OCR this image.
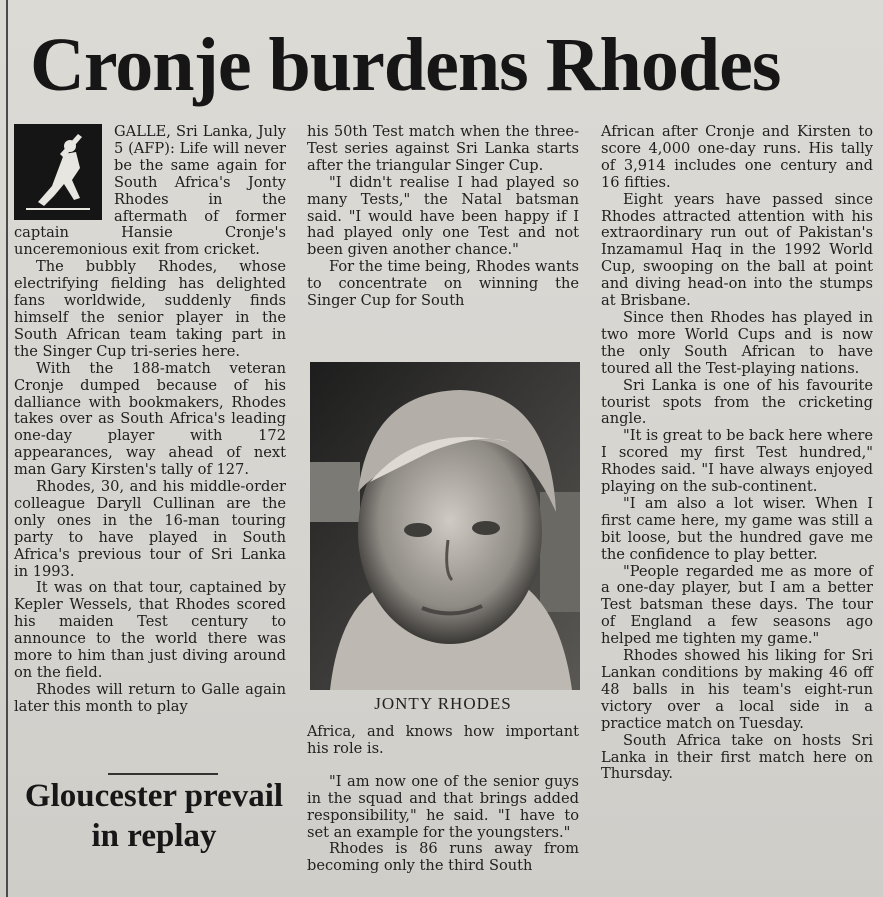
Cronje burdens Rhodes

GALLE, Sri Lanka, July 5 (AFP): Life will never be the same again for South Africa's Jonty Rhodes in the aftermath of former captain Hansie Cronje's unceremonious exit from cricket.

The bubbly Rhodes, whose electrifying fielding has delighted fans worldwide, suddenly finds himself the senior player in the South African team taking part in the Singer Cup tri-series here.

With the 188-match veteran Cronje dumped because of his dalliance with bookmakers, Rhodes takes over as South Africa's leading one-day player with 172 appearances, way ahead of next man Gary Kirsten's tally of 127.

Rhodes, 30, and his middle-order colleague Daryll Cullinan are the only ones in the 16-man touring party to have played in South Africa's previous tour of Sri Lanka in 1993.

It was on that tour, captained by Kepler Wessels, that Rhodes scored his maiden Test century to announce to the world there was more to him than just diving around on the field.

Rhodes will return to Galle again later this month to play

Gloucester prevail in replay

his 50th Test match when the three-Test series against Sri Lanka starts after the triangular Singer Cup.

"I didn't realise I had played so many Tests," the Natal batsman said. "I would have been happy if I had played only one Test and not been given another chance."

For the time being, Rhodes wants to concentrate on winning the Singer Cup for South

JONTY RHODES

Africa, and knows how important his role is.

"I am now one of the senior guys in the squad and that brings added responsibility," he said. "I have to set an example for the youngsters."

Rhodes is 86 runs away from becoming only the third South

African after Cronje and Kirsten to score 4,000 one-day runs. His tally of 3,914 includes one century and 16 fifties.

Eight years have passed since Rhodes attracted attention with his extraordinary run out of Pakistan's Inzamamul Haq in the 1992 World Cup, swooping on the ball at point and diving head-on into the stumps at Brisbane.

Since then Rhodes has played in two more World Cups and is now the only South African to have toured all the Test-playing nations.

Sri Lanka is one of his favourite tourist spots from the cricketing angle.

"It is great to be back here where I scored my first Test hundred," Rhodes said. "I have always enjoyed playing on the sub-continent.

"I am also a lot wiser. When I first came here, my game was still a bit loose, but the hundred gave me the confidence to play better.

"People regarded me as more of a one-day player, but I am a better Test batsman these days. The tour of England a few seasons ago helped me tighten my game."

Rhodes showed his liking for Sri Lankan conditions by making 46 off 48 balls in his team's eight-run victory over a local side in a practice match on Tuesday.

South Africa take on hosts Sri Lanka in their first match here on Thursday.
